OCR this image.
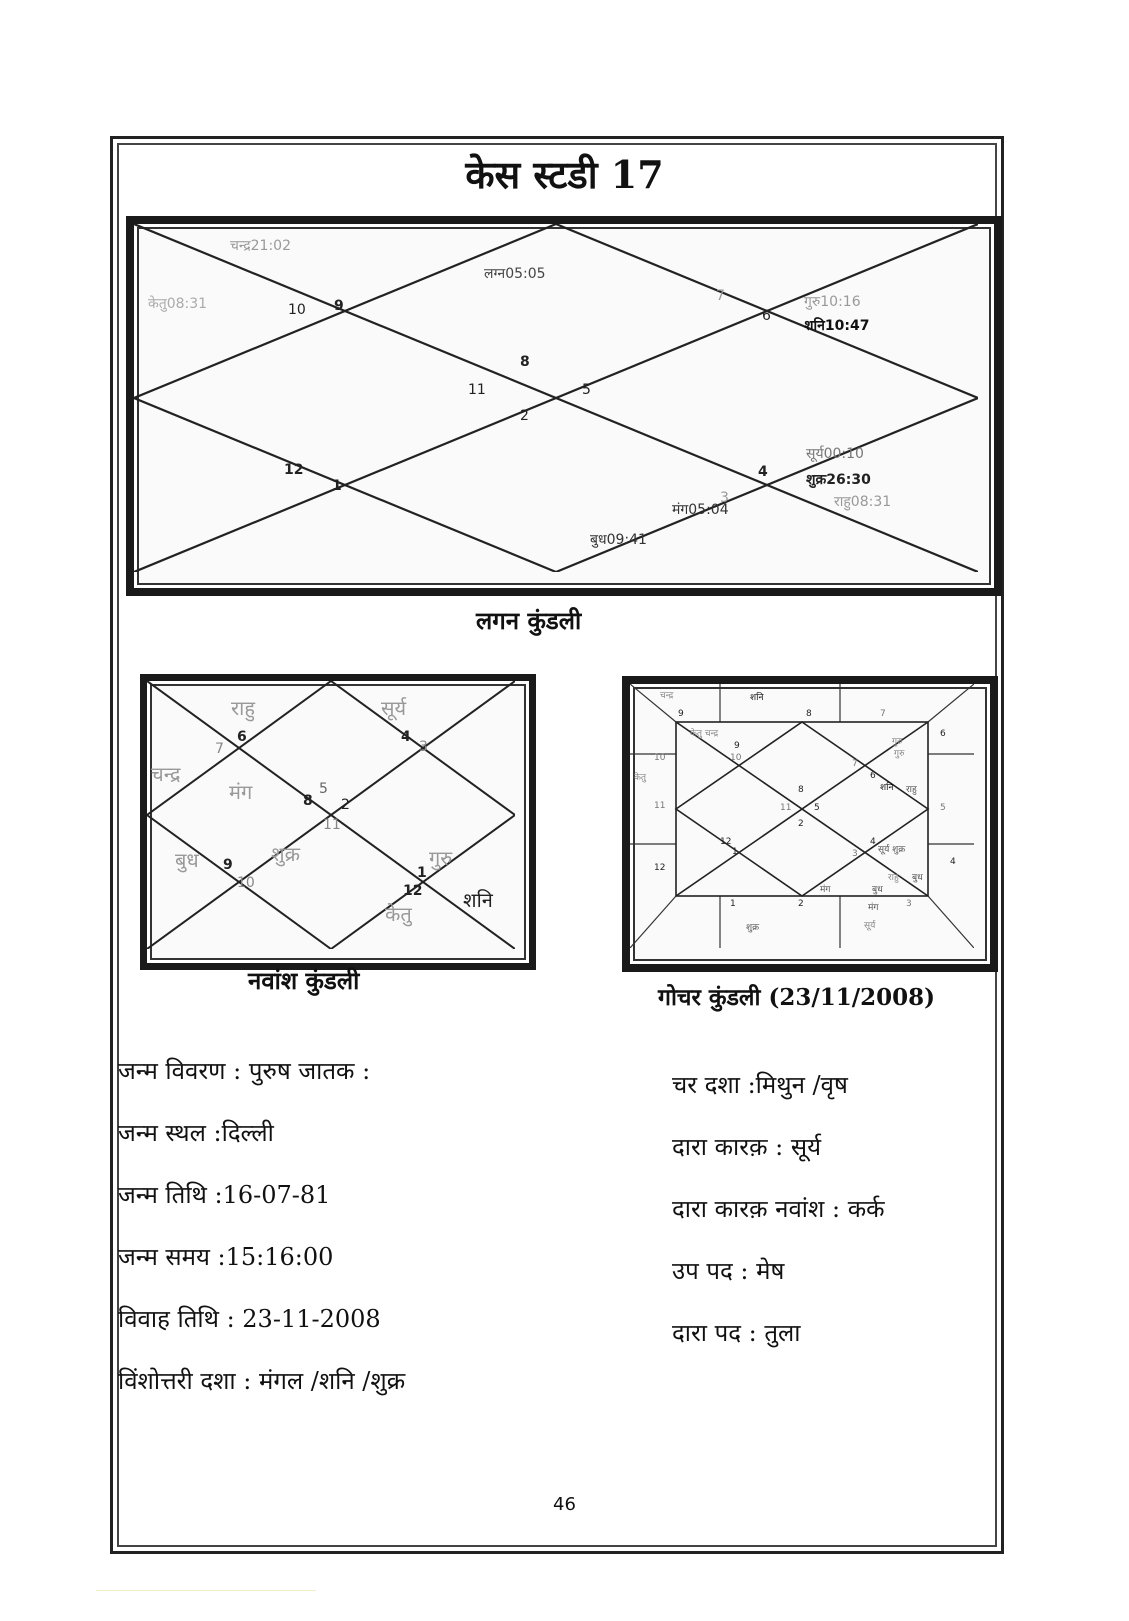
केस स्टडी 17
8
9
10
11
12
1
2
3
4
5
6
7
चन्द्र21:02
केतु08:31
लग्न05:05
गुरु10:16
शनि10:47
सूर्य00:10
शुक्र26:30
राहु08:31
मंग05:04
बुध09:41
लगन कुंडली
8
9
10
11
12
1
2
3
4
5
6
7
राहु	सूर्य
चन्द्र
मंग
बुध	शुक्र	गुरु
केतु
शनि
नवांश कुंडली
8
9
10
11
12
1	2	3
4
5
6
7
8
9
10
11
12
1
2
3
4
5
6
7
चन्द्र	शनि
गुरु
राहु
बुध
शुक्र
मंग
सूर्य
केतु
केतु चन्द्र
गुरु
शनि
सूर्य शुक्र
राहु
मंग	बुध
गोचर कुंडली (23/11/2008)
जन्म विवरण : पुरुष जातक :
जन्म स्थल :दिल्ली
जन्म तिथि :16-07-81
जन्म समय :15:16:00
विवाह तिथि : 23-11-2008
विंशोत्तरी दशा : मंगल /शनि /शुक्र
चर दशा :मिथुन /वृष
दारा कारक़ : सूर्य
दारा कारक़ नवांश : कर्क
उप पद : मेष
दारा पद : तुला
46
